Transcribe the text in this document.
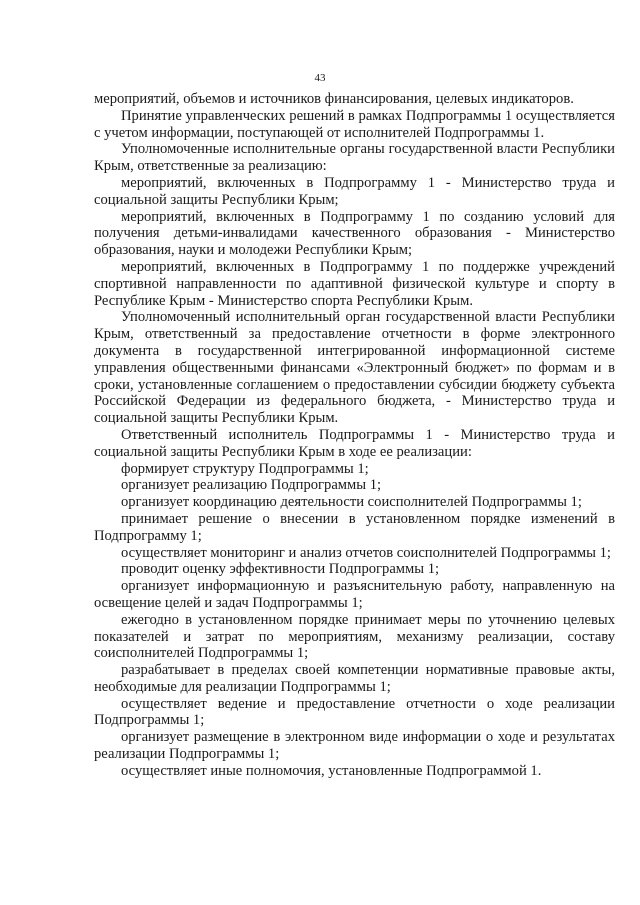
43

мероприятий, объемов и источников финансирования, целевых индикаторов.

Принятие управленческих решений в рамках Подпрограммы 1 осуществляется с учетом информации, поступающей от исполнителей Подпрограммы 1.

Уполномоченные исполнительные органы государственной власти Республики Крым, ответственные за реализацию:

мероприятий, включенных в Подпрограмму 1 - Министерство труда и социальной защиты Республики Крым;

мероприятий, включенных в Подпрограмму 1 по созданию условий для получения детьми-инвалидами качественного образования - Министерство образования, науки и молодежи Республики Крым;

мероприятий, включенных в Подпрограмму 1 по поддержке учреждений спортивной направленности по адаптивной физической культуре и спорту в Республике Крым - Министерство спорта Республики Крым.

Уполномоченный исполнительный орган государственной власти Республики Крым, ответственный за предоставление отчетности в форме электронного документа в государственной интегрированной информационной системе управления общественными финансами «Электронный бюджет» по формам и в сроки, установленные соглашением о предоставлении субсидии бюджету субъекта Российской Федерации из федерального бюджета, - Министерство труда и социальной защиты Республики Крым.

Ответственный исполнитель Подпрограммы 1 - Министерство труда и социальной защиты Республики Крым в ходе ее реализации:

формирует структуру Подпрограммы 1;

организует реализацию Подпрограммы 1;

организует координацию деятельности соисполнителей Подпрограммы 1;

принимает решение о внесении в установленном порядке изменений в Подпрограмму 1;

осуществляет мониторинг и анализ отчетов соисполнителей Подпрограммы 1;

проводит оценку эффективности Подпрограммы 1;

организует информационную и разъяснительную работу, направленную на освещение целей и задач Подпрограммы 1;

ежегодно в установленном порядке принимает меры по уточнению целевых показателей и затрат по мероприятиям, механизму реализации, составу соисполнителей Подпрограммы 1;

разрабатывает в пределах своей компетенции нормативные правовые акты, необходимые для реализации Подпрограммы 1;

осуществляет ведение и предоставление отчетности о ходе реализации Подпрограммы 1;

организует размещение в электронном виде информации о ходе и результатах реализации Подпрограммы 1;

осуществляет иные полномочия, установленные Подпрограммой 1.
